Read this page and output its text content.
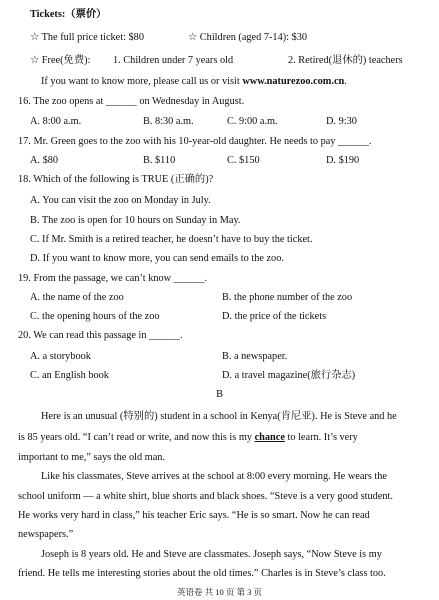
Tickets:（票价）
☆ The full price ticket: $80	☆ Children (aged 7-14): $30
☆ Free(免费): 1. Children under 7 years old	2. Retired(退休的) teachers
If you want to know more, please call us or visit www.naturezoo.com.cn.
16. The zoo opens at ______ on Wednesday in August.
A. 8:00 a.m.	B. 8:30 a.m.	C. 9:00 a.m.	D. 9:30
17. Mr. Green goes to the zoo with his 10-year-old daughter. He needs to pay ______.
A. $80	B. $110	C. $150	D. $190
18. Which of the following is TRUE (正确的)?
A. You can visit the zoo on Monday in July.
B. The zoo is open for 10 hours on Sunday in May.
C. If Mr. Smith is a retired teacher, he doesn’t have to buy the ticket.
D. If you want to know more, you can send emails to the zoo.
19. From the passage, we can’t know ______.
A. the name of the zoo	B. the phone number of the zoo
C. the opening hours of the zoo	D. the price of the tickets
20. We can read this passage in ______.
A. a storybook	B. a newspaper.
C. an English book	D. a travel magazine(旅行杂志)
B
Here is an unusual (特别的) student in a school in Kenya(肯尼亚). He is Steve and he
is 85 years old. “I can’t read or write, and now this is my chance to learn. It’s very
important to me,” says the old man.
Like his classmates, Steve arrives at the school at 8:00 every morning. He wears the
school uniform — a white shirt, blue shorts and black shoes. “Steve is a very good student.
He works very hard in class,” his teacher Eric says. “He is so smart. Now he can read
newspapers.”
Joseph is 8 years old. He and Steve are classmates. Joseph says, “Now Steve is my
friend. He tells me interesting stories about the old times.” Charles is in Steve’s class too.
英语卷 共 10 页 第 3 页
